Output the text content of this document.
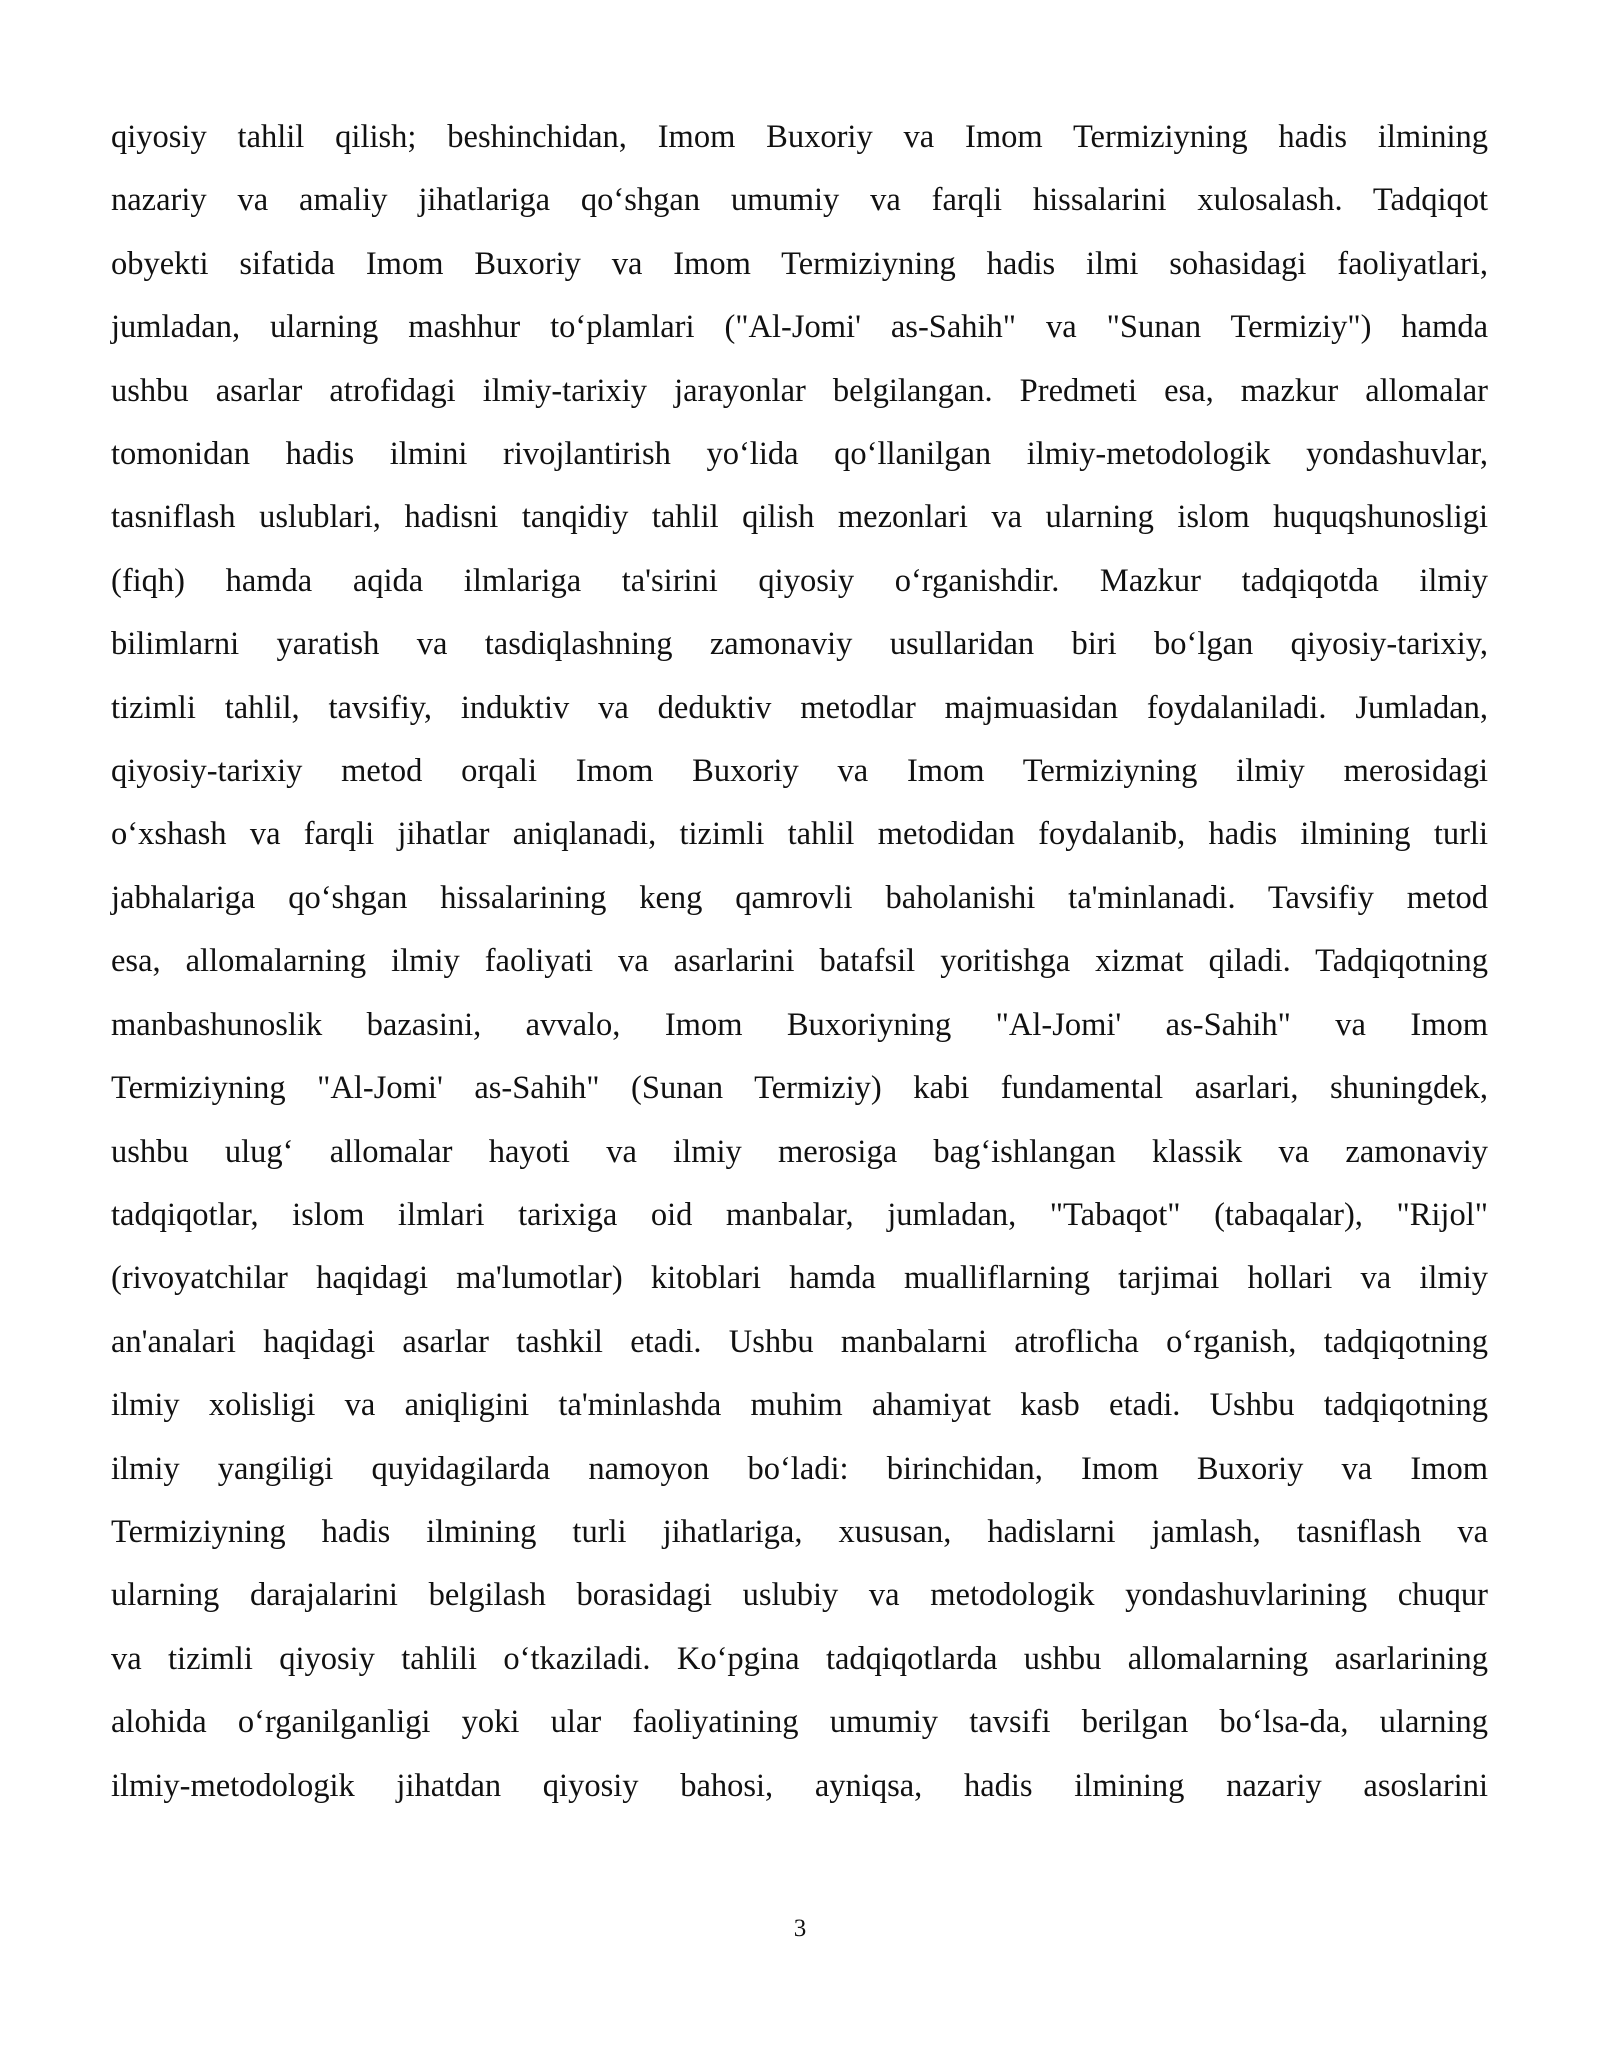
qiyosiy tahlil qilish; beshinchidan, Imom Buxoriy va Imom Termiziyning hadis ilmining
nazariy va amaliy jihatlariga qo‘shgan umumiy va farqli hissalarini xulosalash. Tadqiqot
obyekti sifatida Imom Buxoriy va Imom Termiziyning hadis ilmi sohasidagi faoliyatlari,
jumladan, ularning mashhur to‘plamlari ("Al-Jomi' as-Sahih" va "Sunan Termiziy") hamda
ushbu asarlar atrofidagi ilmiy-tarixiy jarayonlar belgilangan. Predmeti esa, mazkur allomalar
tomonidan hadis ilmini rivojlantirish yo‘lida qo‘llanilgan ilmiy-metodologik yondashuvlar,
tasniflash uslublari, hadisni tanqidiy tahlil qilish mezonlari va ularning islom huquqshunosligi
(fiqh) hamda aqida ilmlariga ta'sirini qiyosiy o‘rganishdir. Mazkur tadqiqotda ilmiy
bilimlarni yaratish va tasdiqlashning zamonaviy usullaridan biri bo‘lgan qiyosiy-tarixiy,
tizimli tahlil, tavsifiy, induktiv va deduktiv metodlar majmuasidan foydalaniladi. Jumladan,
qiyosiy-tarixiy metod orqali Imom Buxoriy va Imom Termiziyning ilmiy merosidagi
o‘xshash va farqli jihatlar aniqlanadi, tizimli tahlil metodidan foydalanib, hadis ilmining turli
jabhalariga qo‘shgan hissalarining keng qamrovli baholanishi ta'minlanadi. Tavsifiy metod
esa, allomalarning ilmiy faoliyati va asarlarini batafsil yoritishga xizmat qiladi. Tadqiqotning
manbashunoslik bazasini, avvalo, Imom Buxoriyning "Al-Jomi' as-Sahih" va Imom
Termiziyning "Al-Jomi' as-Sahih" (Sunan Termiziy) kabi fundamental asarlari, shuningdek,
ushbu ulug‘ allomalar hayoti va ilmiy merosiga bag‘ishlangan klassik va zamonaviy
tadqiqotlar, islom ilmlari tarixiga oid manbalar, jumladan, "Tabaqot" (tabaqalar), "Rijol"
(rivoyatchilar haqidagi ma'lumotlar) kitoblari hamda mualliflarning tarjimai hollari va ilmiy
an'analari haqidagi asarlar tashkil etadi. Ushbu manbalarni atroflicha o‘rganish, tadqiqotning
ilmiy xolisligi va aniqligini ta'minlashda muhim ahamiyat kasb etadi. Ushbu tadqiqotning
ilmiy yangiligi quyidagilarda namoyon bo‘ladi: birinchidan, Imom Buxoriy va Imom
Termiziyning hadis ilmining turli jihatlariga, xususan, hadislarni jamlash, tasniflash va
ularning darajalarini belgilash borasidagi uslubiy va metodologik yondashuvlarining chuqur
va tizimli qiyosiy tahlili o‘tkaziladi. Ko‘pgina tadqiqotlarda ushbu allomalarning asarlarining
alohida o‘rganilganligi yoki ular faoliyatining umumiy tavsifi berilgan bo‘lsa-da, ularning
ilmiy-metodologik jihatdan qiyosiy bahosi, ayniqsa, hadis ilmining nazariy asoslarini
3
